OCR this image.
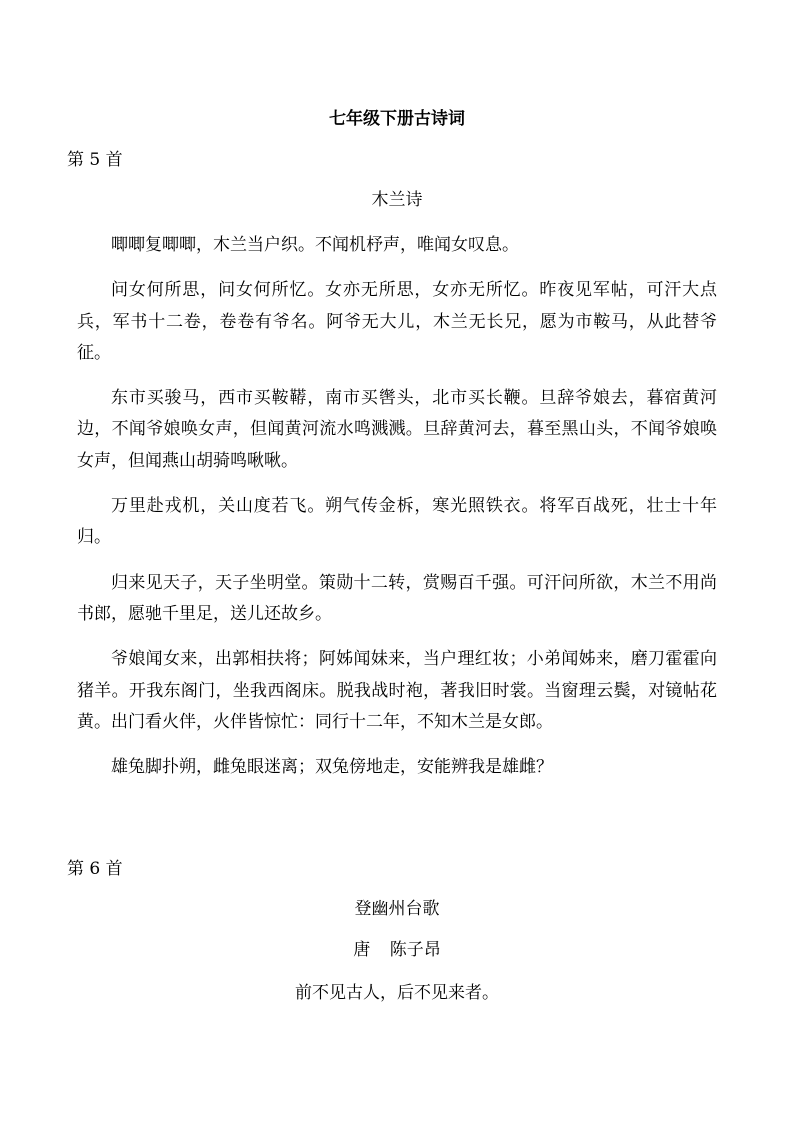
七年级下册古诗词
第 5 首
木兰诗

唧唧复唧唧，木兰当户织。不闻机杼声，唯闻女叹息。

问女何所思，问女何所忆。女亦无所思，女亦无所忆。昨夜见军帖，可汗大点兵，军书十二卷，卷卷有爷名。阿爷无大儿，木兰无长兄，愿为市鞍马，从此替爷征。

东市买骏马，西市买鞍鞯，南市买辔头，北市买长鞭。旦辞爷娘去，暮宿黄河边，不闻爷娘唤女声，但闻黄河流水鸣溅溅。旦辞黄河去，暮至黑山头，不闻爷娘唤女声，但闻燕山胡骑鸣啾啾。

万里赴戎机，关山度若飞。朔气传金柝，寒光照铁衣。将军百战死，壮士十年归。

归来见天子，天子坐明堂。策勋十二转，赏赐百千强。可汗问所欲，木兰不用尚书郎，愿驰千里足，送儿还故乡。

爷娘闻女来，出郭相扶将；阿姊闻妹来，当户理红妆；小弟闻姊来，磨刀霍霍向猪羊。开我东阁门，坐我西阁床。脱我战时袍，著我旧时裳。当窗理云鬓，对镜帖花黄。出门看火伴，火伴皆惊忙：同行十二年，不知木兰是女郎。

雄兔脚扑朔，雌兔眼迷离；双兔傍地走，安能辨我是雄雌？

第 6 首
登幽州台歌
唐 陈子昂
前不见古人，后不见来者。
